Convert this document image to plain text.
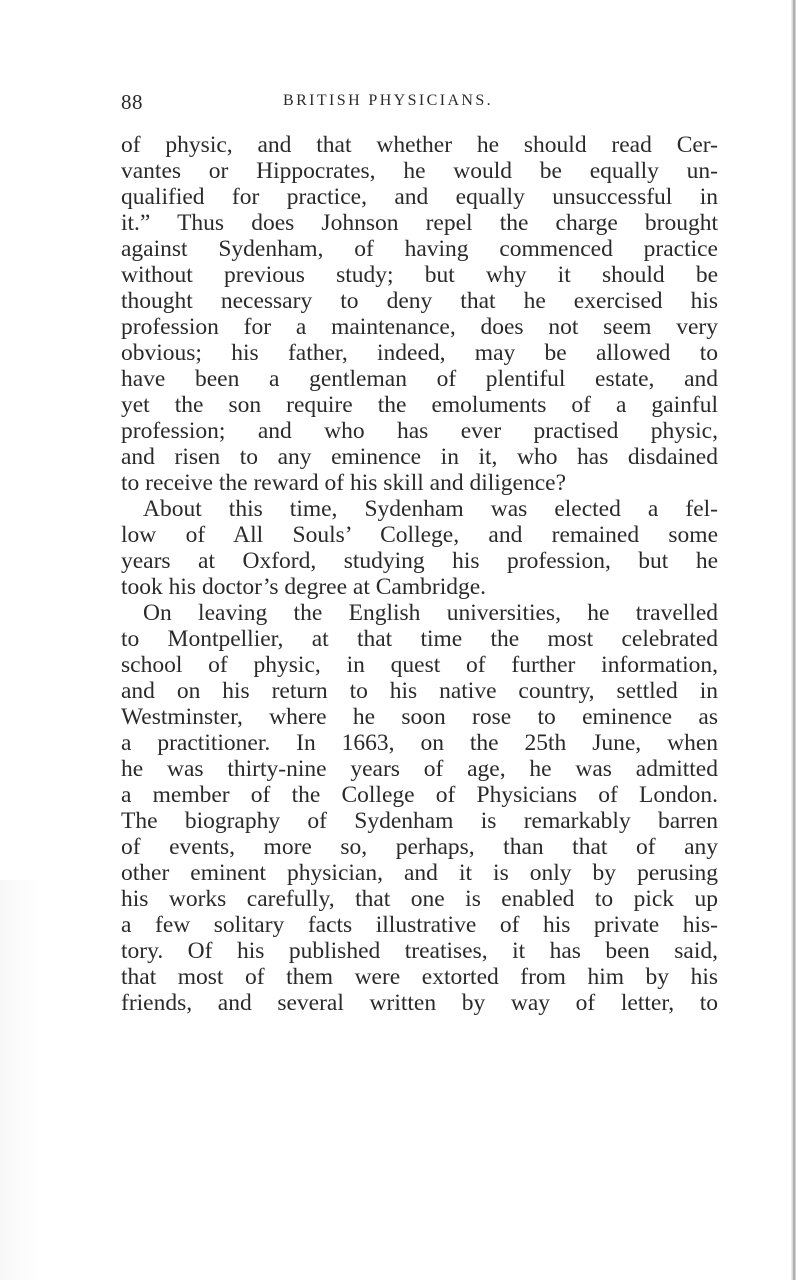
88	BRITISH PHYSICIANS.
of physic, and that whether he should read Cer-
vantes or Hippocrates, he would be equally un-
qualified for practice, and equally unsuccessful in
it.” Thus does Johnson repel the charge brought
against Sydenham, of having commenced practice
without previous study; but why it should be
thought necessary to deny that he exercised his
profession for a maintenance, does not seem very
obvious; his father, indeed, may be allowed to
have been a gentleman of plentiful estate, and
yet the son require the emoluments of a gainful
profession; and who has ever practised physic,
and risen to any eminence in it, who has disdained
to receive the reward of his skill and diligence?
About this time, Sydenham was elected a fel-
low of All Souls’ College, and remained some
years at Oxford, studying his profession, but he
took his doctor’s degree at Cambridge.
On leaving the English universities, he travelled
to Montpellier, at that time the most celebrated
school of physic, in quest of further information,
and on his return to his native country, settled in
Westminster, where he soon rose to eminence as
a practitioner. In 1663, on the 25th June, when
he was thirty-nine years of age, he was admitted
a member of the College of Physicians of London.
The biography of Sydenham is remarkably barren
of events, more so, perhaps, than that of any
other eminent physician, and it is only by perusing
his works carefully, that one is enabled to pick up
a few solitary facts illustrative of his private his-
tory. Of his published treatises, it has been said,
that most of them were extorted from him by his
friends, and several written by way of letter, to
